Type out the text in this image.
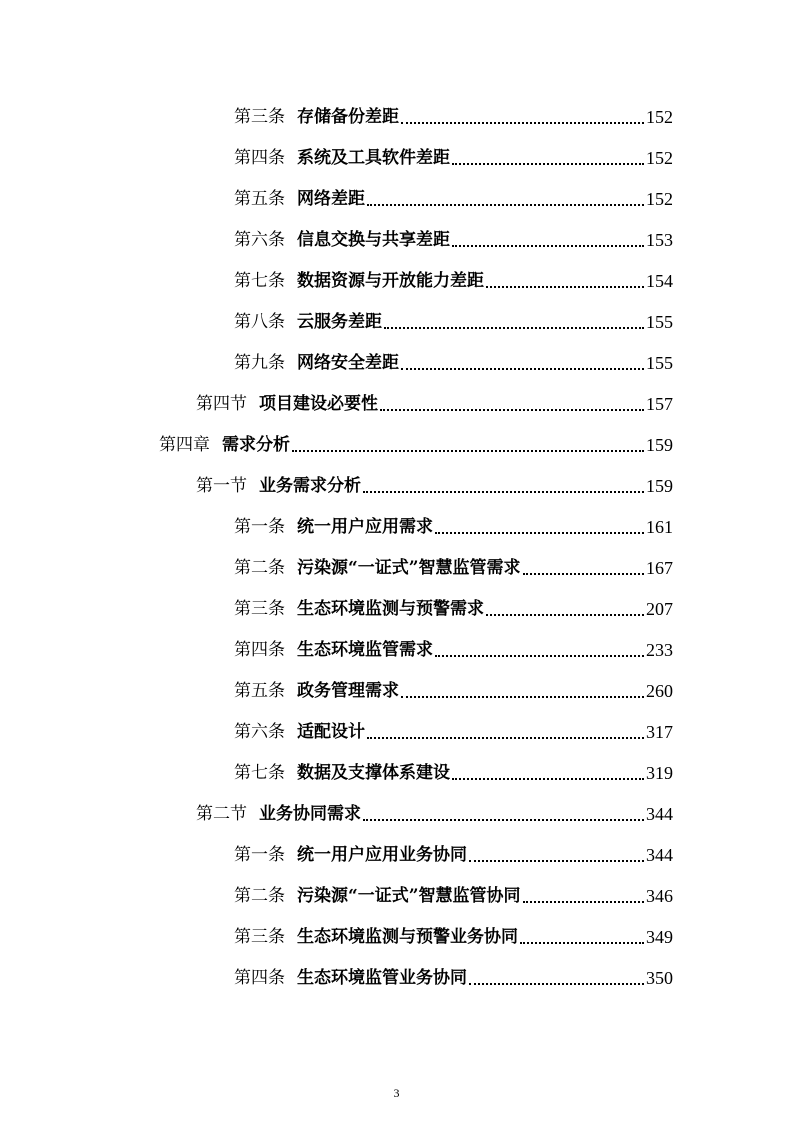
第三条 存储备份差距	152
第四条 系统及工具软件差距	152
第五条 网络差距	152
第六条 信息交换与共享差距	153
第七条 数据资源与开放能力差距	154
第八条 云服务差距	155
第九条 网络安全差距	155
第四节 项目建设必要性	157
第四章 需求分析	159
第一节 业务需求分析	159
第一条 统一用户应用需求	161
第二条 污染源“一证式”智慧监管需求	167
第三条 生态环境监测与预警需求	207
第四条 生态环境监管需求	233
第五条 政务管理需求	260
第六条 适配设计	317
第七条 数据及支撑体系建设	319
第二节 业务协同需求	344
第一条 统一用户应用业务协同	344
第二条 污染源“一证式”智慧监管协同	346
第三条 生态环境监测与预警业务协同	349
第四条 生态环境监管业务协同	350
3
